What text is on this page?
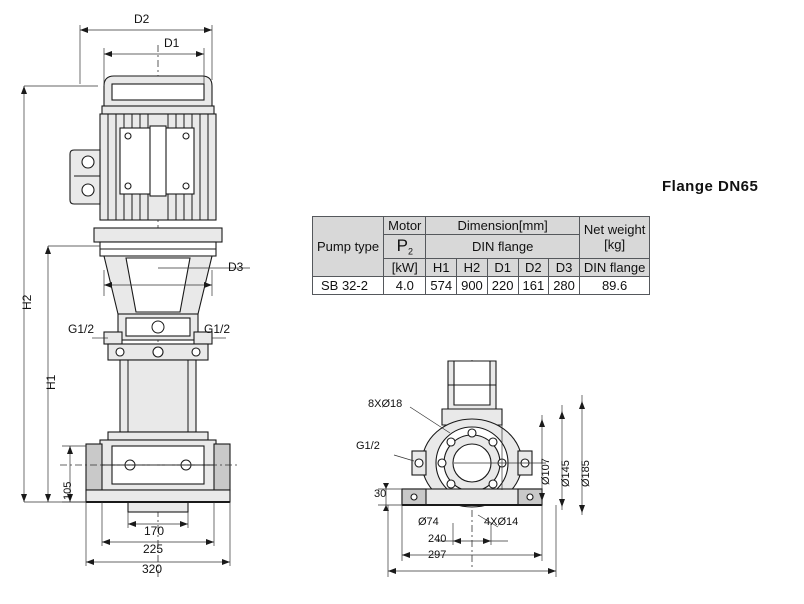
D2
D1
D3
H2
H1
105
G1/2	G1/2
170
225
320
Flange DN65
Pump type	Motor	Dimension[mm]					Net weight
[kg]

	$P_2$	DIN flange					
	[kW]	H1	H2	D1	D2	D3	DIN flange
SB 32-2	4.0	574	900	220	161	280	89.6
8XØ18
G1/2
Ø107 Ø145 Ø185
30
Ø74	4XØ14
240
297
